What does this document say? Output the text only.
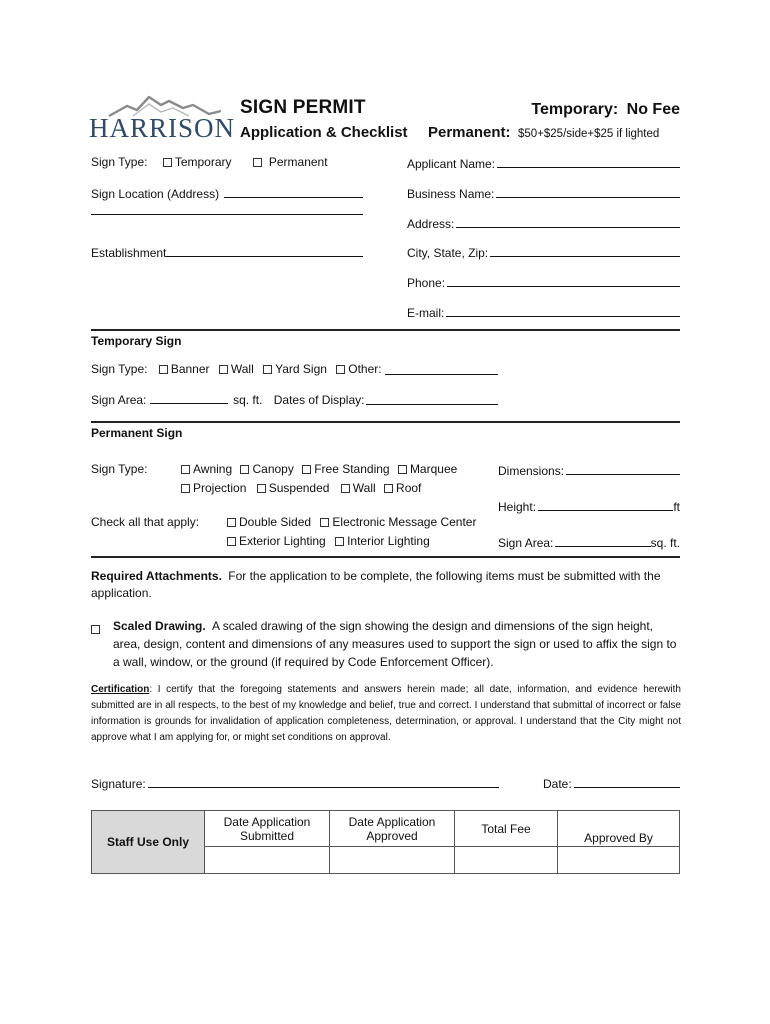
HARRISON
SIGN PERMIT
Application & Checklist
Temporary: No Fee
Permanent: $50+$25/side+$25 if lighted
Sign Type: Temporary	Permanent
Sign Location (Address)
Establishment
Applicant Name:
Business Name:
Address:
City, State, Zip:
Phone:
E-mail:
Temporary Sign
Sign Type: Banner Wall Yard Sign Other:
Sign Area:	sq. ft. Dates of Display:
Permanent Sign
Sign Type:	Awning Canopy Free Standing Marquee
Projection Suspended Wall Roof
Dimensions:
Height:	ft
Check all that apply:	Double Sided Electronic Message Center
Exterior Lighting Interior Lighting	Sign Area:	sq. ft.
Required Attachments. For the application to be complete, the following items must be submitted with the application.
Scaled Drawing. A scaled drawing of the sign showing the design and dimensions of the sign height, area, design, content and dimensions of any measures used to support the sign or used to affix the sign to a wall, window, or the ground (if required by Code Enforcement Officer).
Certification: I certify that the foregoing statements and answers herein made; all date, information, and evidence herewith submitted are in all respects, to the best of my knowledge and belief, true and correct. I understand that submittal of incorrect or false information is grounds for invalidation of application completeness, determination, or approval. I understand that the City might not approve what I am applying for, or might set conditions on approval.
Signature:	Date:
Staff Use Only	Date Application Submitted	Date Application Approved	Total Fee	Approved By
